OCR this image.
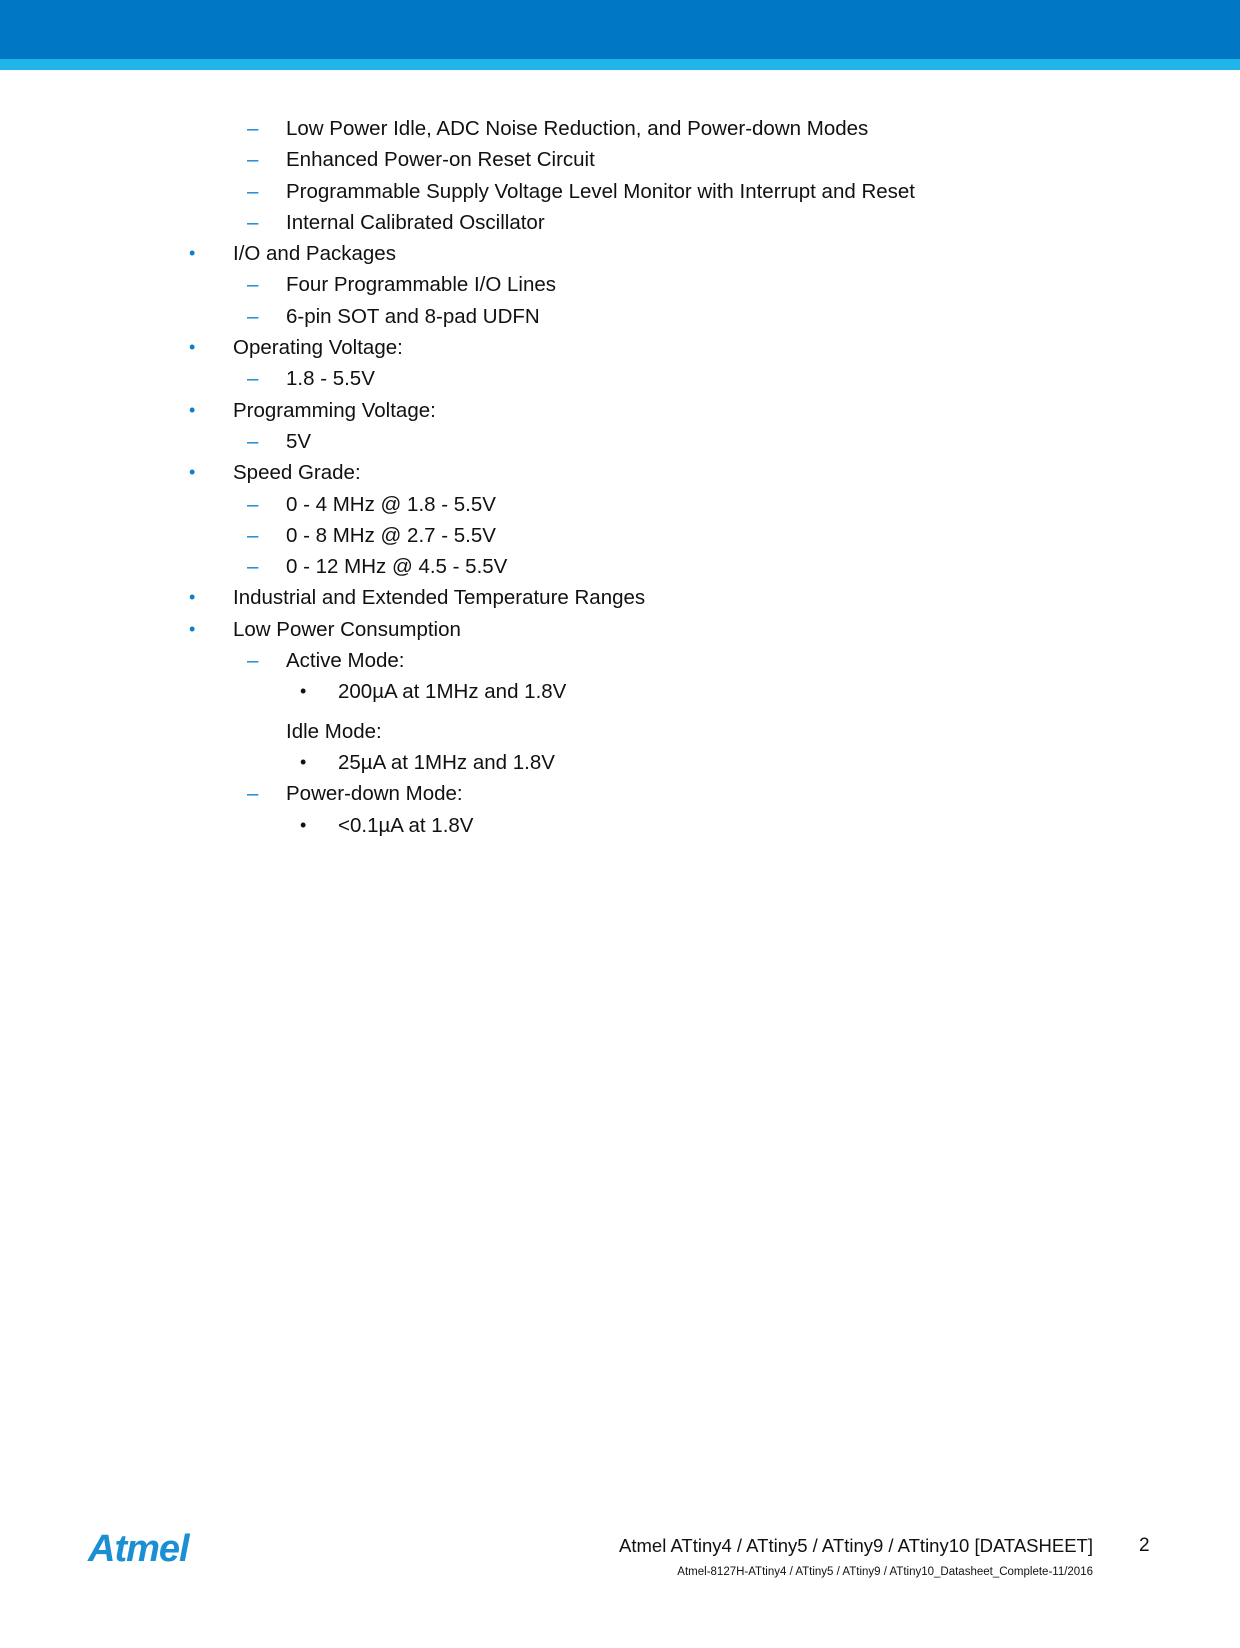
– Low Power Idle, ADC Noise Reduction, and Power-down Modes
– Enhanced Power-on Reset Circuit
– Programmable Supply Voltage Level Monitor with Interrupt and Reset
– Internal Calibrated Oscillator
• I/O and Packages
– Four Programmable I/O Lines
– 6-pin SOT and 8-pad UDFN
• Operating Voltage:
– 1.8 - 5.5V
• Programming Voltage:
– 5V
• Speed Grade:
– 0 - 4 MHz @ 1.8 - 5.5V
– 0 - 8 MHz @ 2.7 - 5.5V
– 0 - 12 MHz @ 4.5 - 5.5V
• Industrial and Extended Temperature Ranges
• Low Power Consumption
– Active Mode:
• 200µA at 1MHz and 1.8V
Idle Mode:
• 25µA at 1MHz and 1.8V
– Power-down Mode:
• <0.1µA at 1.8V
Atmel	Atmel ATtiny4 / ATtiny5 / ATtiny9 / ATtiny10 [DATASHEET] 2
Atmel-8127H-ATtiny4 / ATtiny5 / ATtiny9 / ATtiny10_Datasheet_Complete-11/2016
